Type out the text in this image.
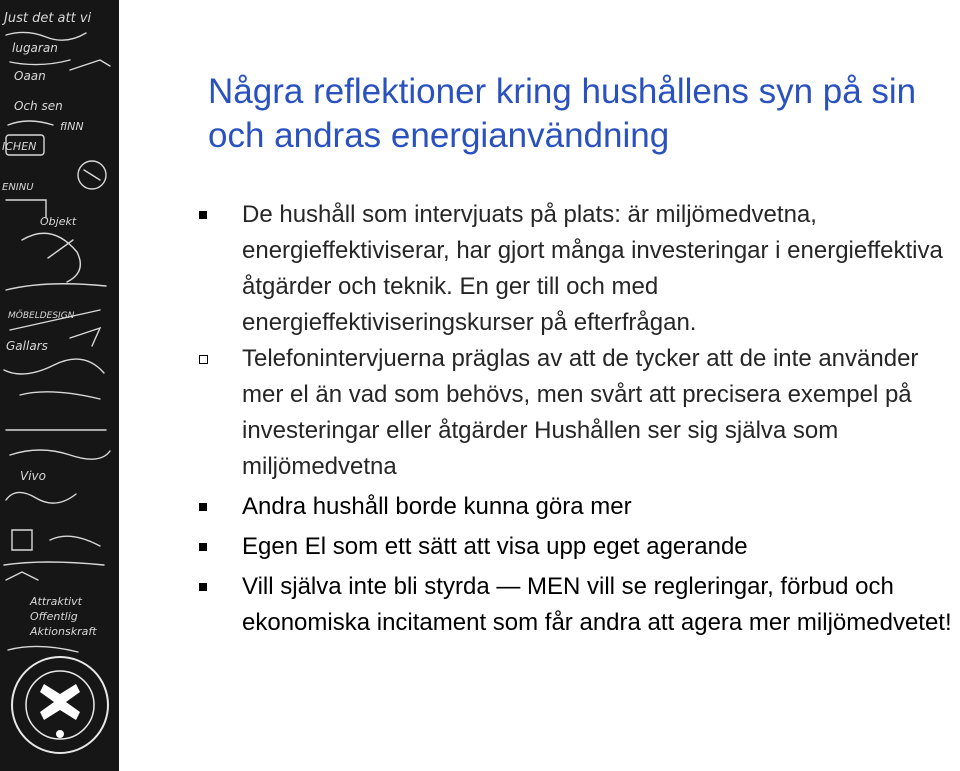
Just det att vi
lugaran
Och sen
fINN
Oaan
ICHEN
ENINU
Objekt
MÖBELDESIGN
Gallars
Vivo
Attraktivt
Offentlig
Aktionskraft
Några reflektioner kring hushållens syn på sin och andras energianvändning
De hushåll som intervjuats på plats: är miljömedvetna, energieffektiviserar, har gjort många investeringar i energieffektiva åtgärder och teknik. En ger till och med energieffektiviseringskurser på efterfrågan.
Telefonintervjuerna präglas av att de tycker att de inte använder mer el än vad som behövs, men svårt att precisera exempel på investeringar eller åtgärder Hushållen ser sig själva som miljömedvetna
Andra hushåll borde kunna göra mer
Egen El som ett sätt att visa upp eget agerande
Vill själva inte bli styrda — MEN vill se regleringar, förbud och ekonomiska incitament som får andra att agera mer miljömedvetet!
